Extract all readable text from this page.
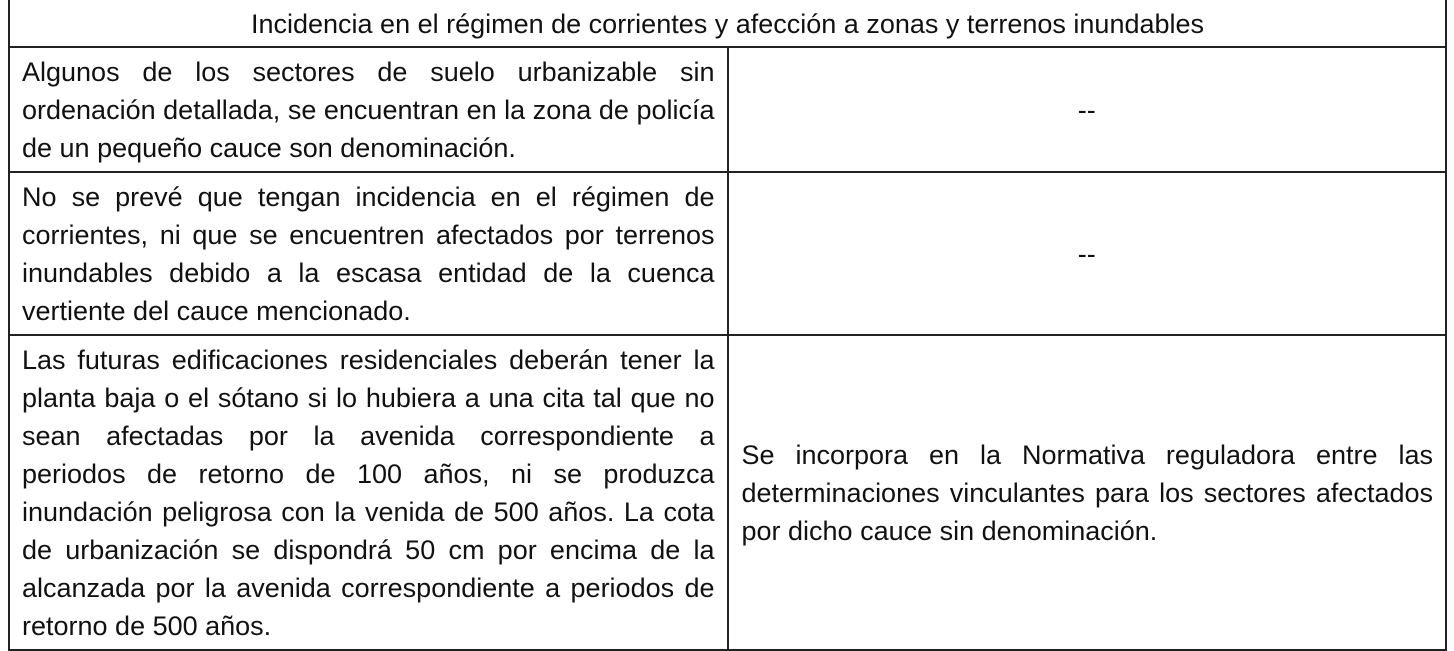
Incidencia en el régimen de corrientes y afección a zonas y terrenos inundables	
Algunos de los sectores de suelo urbanizable sin ordenación detallada, se encuentran en la zona de policía de un pequeño cauce son denominación.	--
No se prevé que tengan incidencia en el régimen de corrientes, ni que se encuentren afectados por terrenos inundables debido a la escasa entidad de la cuenca vertiente del cauce mencionado.	--
Las futuras edificaciones residenciales deberán tener la planta baja o el sótano si lo hubiera a una cita tal que no sean afectadas por la avenida correspondiente a periodos de retorno de 100 años, ni se produzca inundación peligrosa con la venida de 500 años. La cota de urbanización se dispondrá 50 cm por encima de la alcanzada por la avenida correspondiente a periodos de retorno de 500 años.	Se incorpora en la Normativa reguladora entre las determinaciones vinculantes para los sectores afectados por dicho cauce sin denominación.
